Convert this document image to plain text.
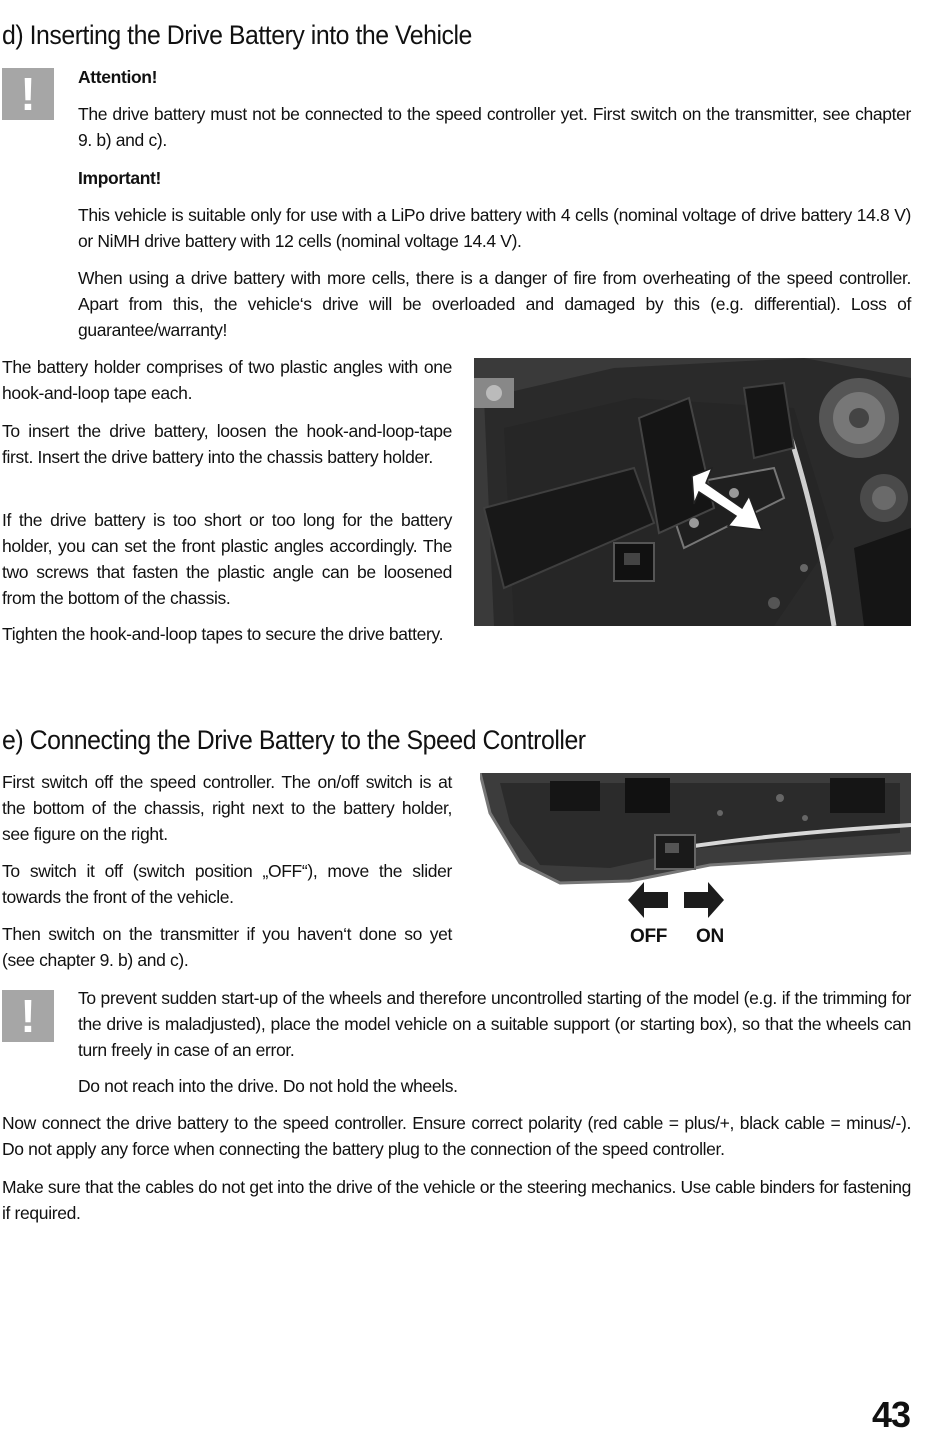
d) Inserting the Drive Battery into the Vehicle
!	Attention!

The drive battery must not be connected to the speed controller yet. First switch on the transmitter, see chapter 9. b) and c).

Important!

This vehicle is suitable only for use with a LiPo drive battery with 4 cells (nominal voltage of drive battery 14.8 V) or NiMH drive battery with 12 cells (nominal voltage 14.4 V).

When using a drive battery with more cells, there is a danger of fire from overheating of the speed controller. Apart from this, the vehicle‘s drive will be overloaded and damaged by this (e.g. differential). Loss of guarantee/warranty!

The battery holder comprises of two plastic angles with one hook-and-loop tape each.

To insert the drive battery, loosen the hook-and-loop-tape first. Insert the drive battery into the chassis battery holder.

If the drive battery is too short or too long for the battery holder, you can set the front plastic angles accordingly. The two screws that fasten the plastic angle can be loosened from the bottom of the chassis.

Tighten the hook-and-loop tapes to secure the drive battery.

e) Connecting the Drive Battery to the Speed Controller

First switch off the speed controller. The on/off switch is at the bottom of the chassis, right next to the battery holder, see figure on the right.

To switch it off (switch position „OFF“), move the slider towards the front of the vehicle.

Then switch on the transmitter if you haven‘t done so yet (see chapter 9. b) and c).

OFF ON
!	To prevent sudden start-up of the wheels and therefore uncontrolled starting of the model (e.g. if the trimming for the drive is maladjusted), place the model vehicle on a suitable support (or starting box), so that the wheels can turn freely in case of an error.

Do not reach into the drive. Do not hold the wheels.

Now connect the drive battery to the speed controller. Ensure correct polarity (red cable = plus/+, black cable = minus/-). Do not apply any force when connecting the battery plug to the connection of the speed controller.

Make sure that the cables do not get into the drive of the vehicle or the steering mechanics. Use cable binders for fastening if required.

43
